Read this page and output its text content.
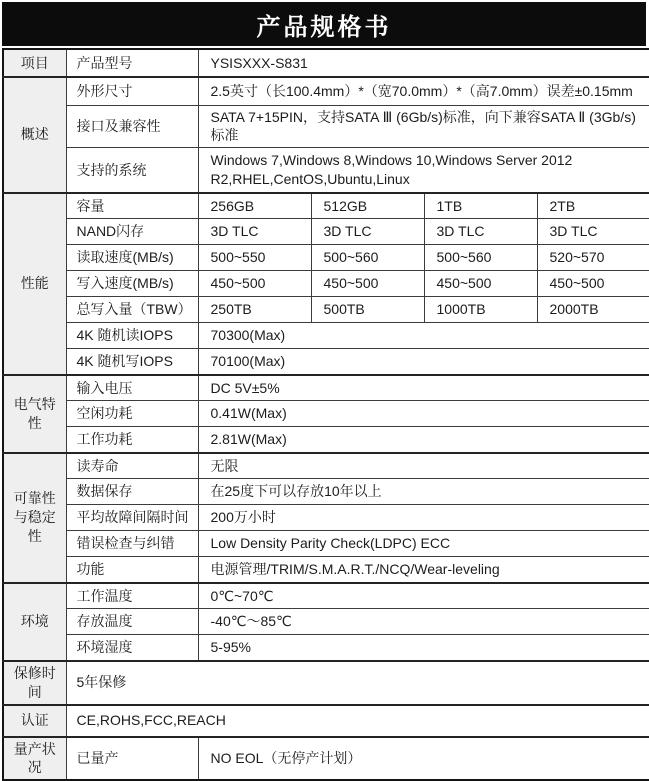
产品规格书
项目	产品型号	YSISXXX-S831			
概述	外形尺寸	2.5英寸（长100.4mm）*（宽70.0mm）*（高7.0mm）误差±0.15mm			
	接口及兼容性	SATA 7+15PIN，支持SATA Ⅲ (6Gb/s)标准，向下兼容SATA Ⅱ (3Gb/s)标准			
	支持的系统	Windows 7,Windows 8,Windows 10,Windows Server 2012 R2,RHEL,CentOS,Ubuntu,Linux			
性能	容量	256GB	512GB	1TB	2TB
	NAND闪存	3D TLC	3D TLC	3D TLC	3D TLC
	读取速度(MB/s)	500~550	500~560	500~560	520~570
	写入速度(MB/s)	450~500	450~500	450~500	450~500
	总写入量（TBW）	250TB	500TB	1000TB	2000TB
	4K 随机读IOPS	70300(Max)			
	4K 随机写IOPS	70100(Max)			
电气特性	输入电压	DC 5V±5%			
	空闲功耗	0.41W(Max)			
	工作功耗	2.81W(Max)			
可靠性与稳定性	读寿命	无限			
	数据保存	在25度下可以存放10年以上			
	平均故障间隔时间	200万小时			
	错误检查与纠错	Low Density Parity Check(LDPC) ECC			
	功能	电源管理/TRIM/S.M.A.R.T./NCQ/Wear-leveling			
环境	工作温度	0℃~70℃			
	存放温度	-40℃～85℃			
	环境湿度	5-95%			
保修时间	5年保修				
认证	CE,ROHS,FCC,REACH				
量产状况	已量产	NO EOL（无停产计划）			
